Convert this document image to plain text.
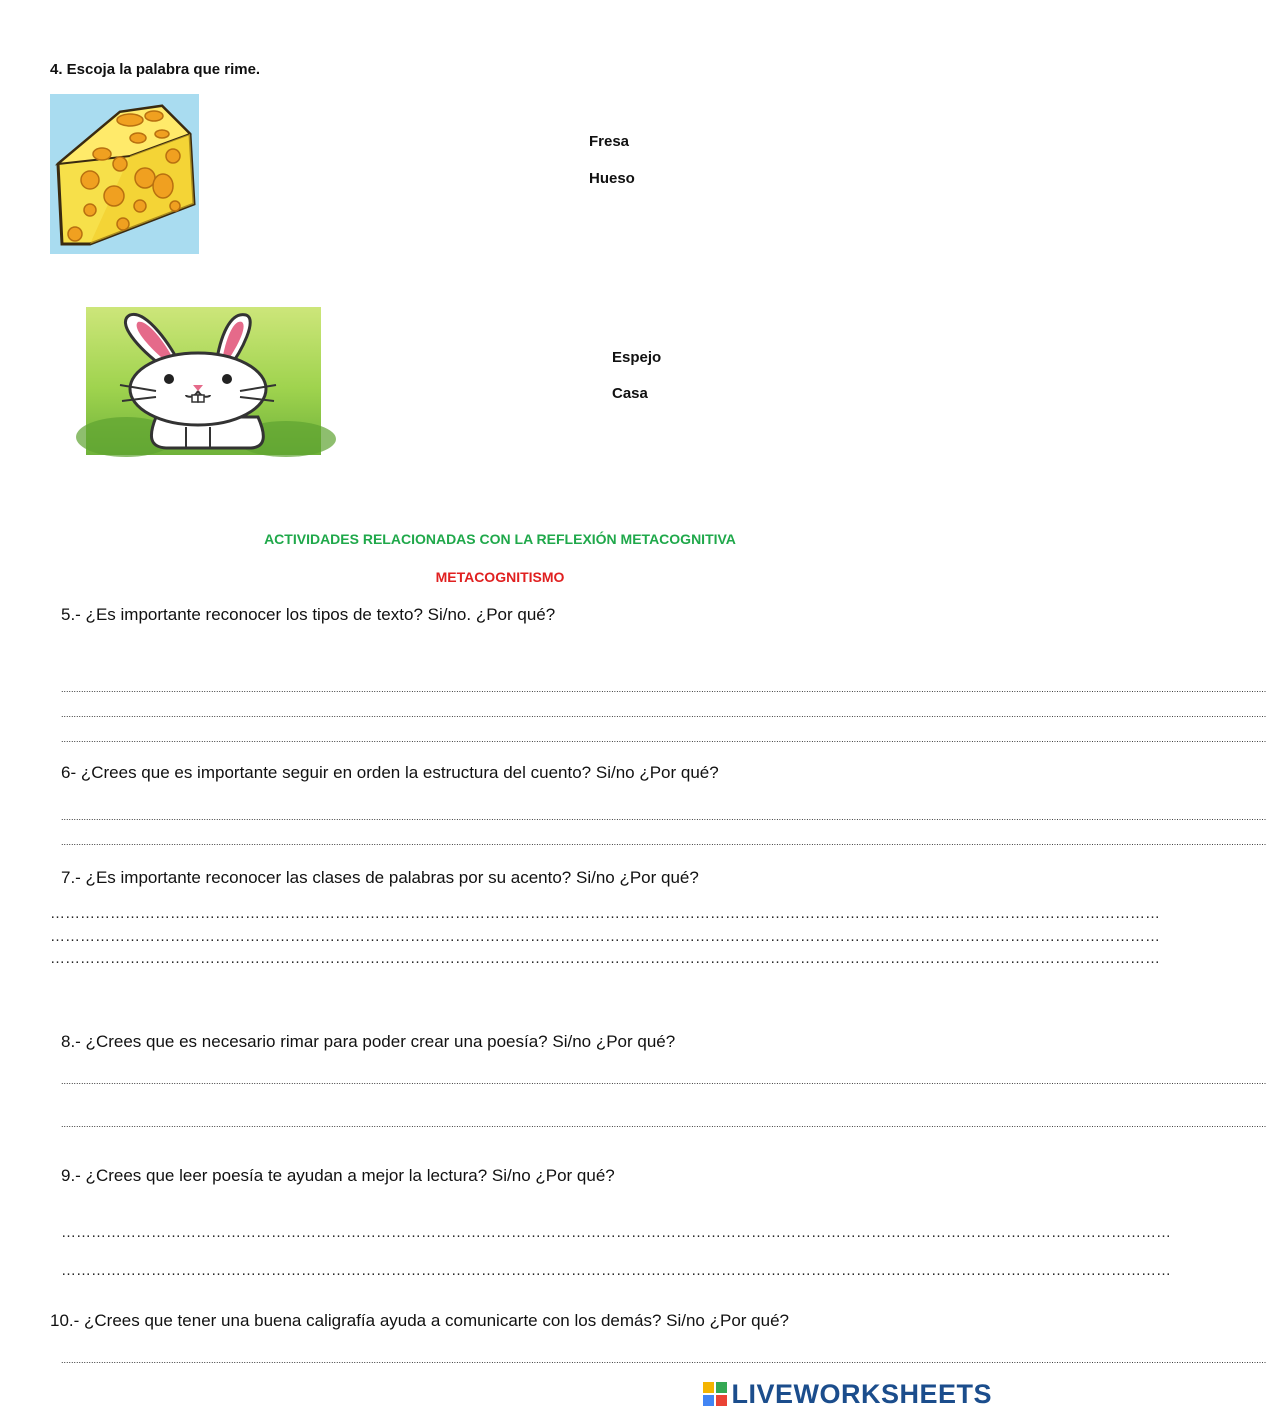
4. Escoja la palabra que rime.
Fresa
Hueso
Espejo
Casa
ACTIVIDADES RELACIONADAS CON LA REFLEXIÓN METACOGNITIVA
METACOGNITISMO
5.- ¿Es importante reconocer los tipos de texto? Si/no. ¿Por qué?
..................................................................................................................................................................................................................................................................................................................................................................................................................................................................................................
..................................................................................................................................................................................................................................................................................................................................................................................................................................................................................................
..................................................................................................................................................................................................................................................................................................................................................................................................................................................................................................
6- ¿Crees que es importante seguir en orden la estructura del cuento? Si/no ¿Por qué?
..................................................................................................................................................................................................................................................................................................................................................................................................................................................................................................
..................................................................................................................................................................................................................................................................................................................................................................................................................................................................................................
7.- ¿Es importante reconocer las clases de palabras por su acento? Si/no ¿Por qué?
……………………………………………………………………………………………………………………………………………………………………………………………………
……………………………………………………………………………………………………………………………………………………………………………………………………
……………………………………………………………………………………………………………………………………………………………………………………………………
8.- ¿Crees que es necesario rimar para poder crear una poesía? Si/no ¿Por qué?
..................................................................................................................................................................................................................................................................................................................................................................................................................................................................................................
..................................................................................................................................................................................................................................................................................................................................................................................................................................................................................................
9.- ¿Crees que leer poesía te ayudan a mejor la lectura? Si/no ¿Por qué?
……………………………………………………………………………………………………………………………………………………………………………………………………
……………………………………………………………………………………………………………………………………………………………………………………………………
10.- ¿Crees que tener una buena caligrafía ayuda a comunicarte con los demás? Si/no ¿Por qué?
..................................................................................................................................................................................................................................................................................................................................................................................................................................................................................................
LIVEWORKSHEETS
